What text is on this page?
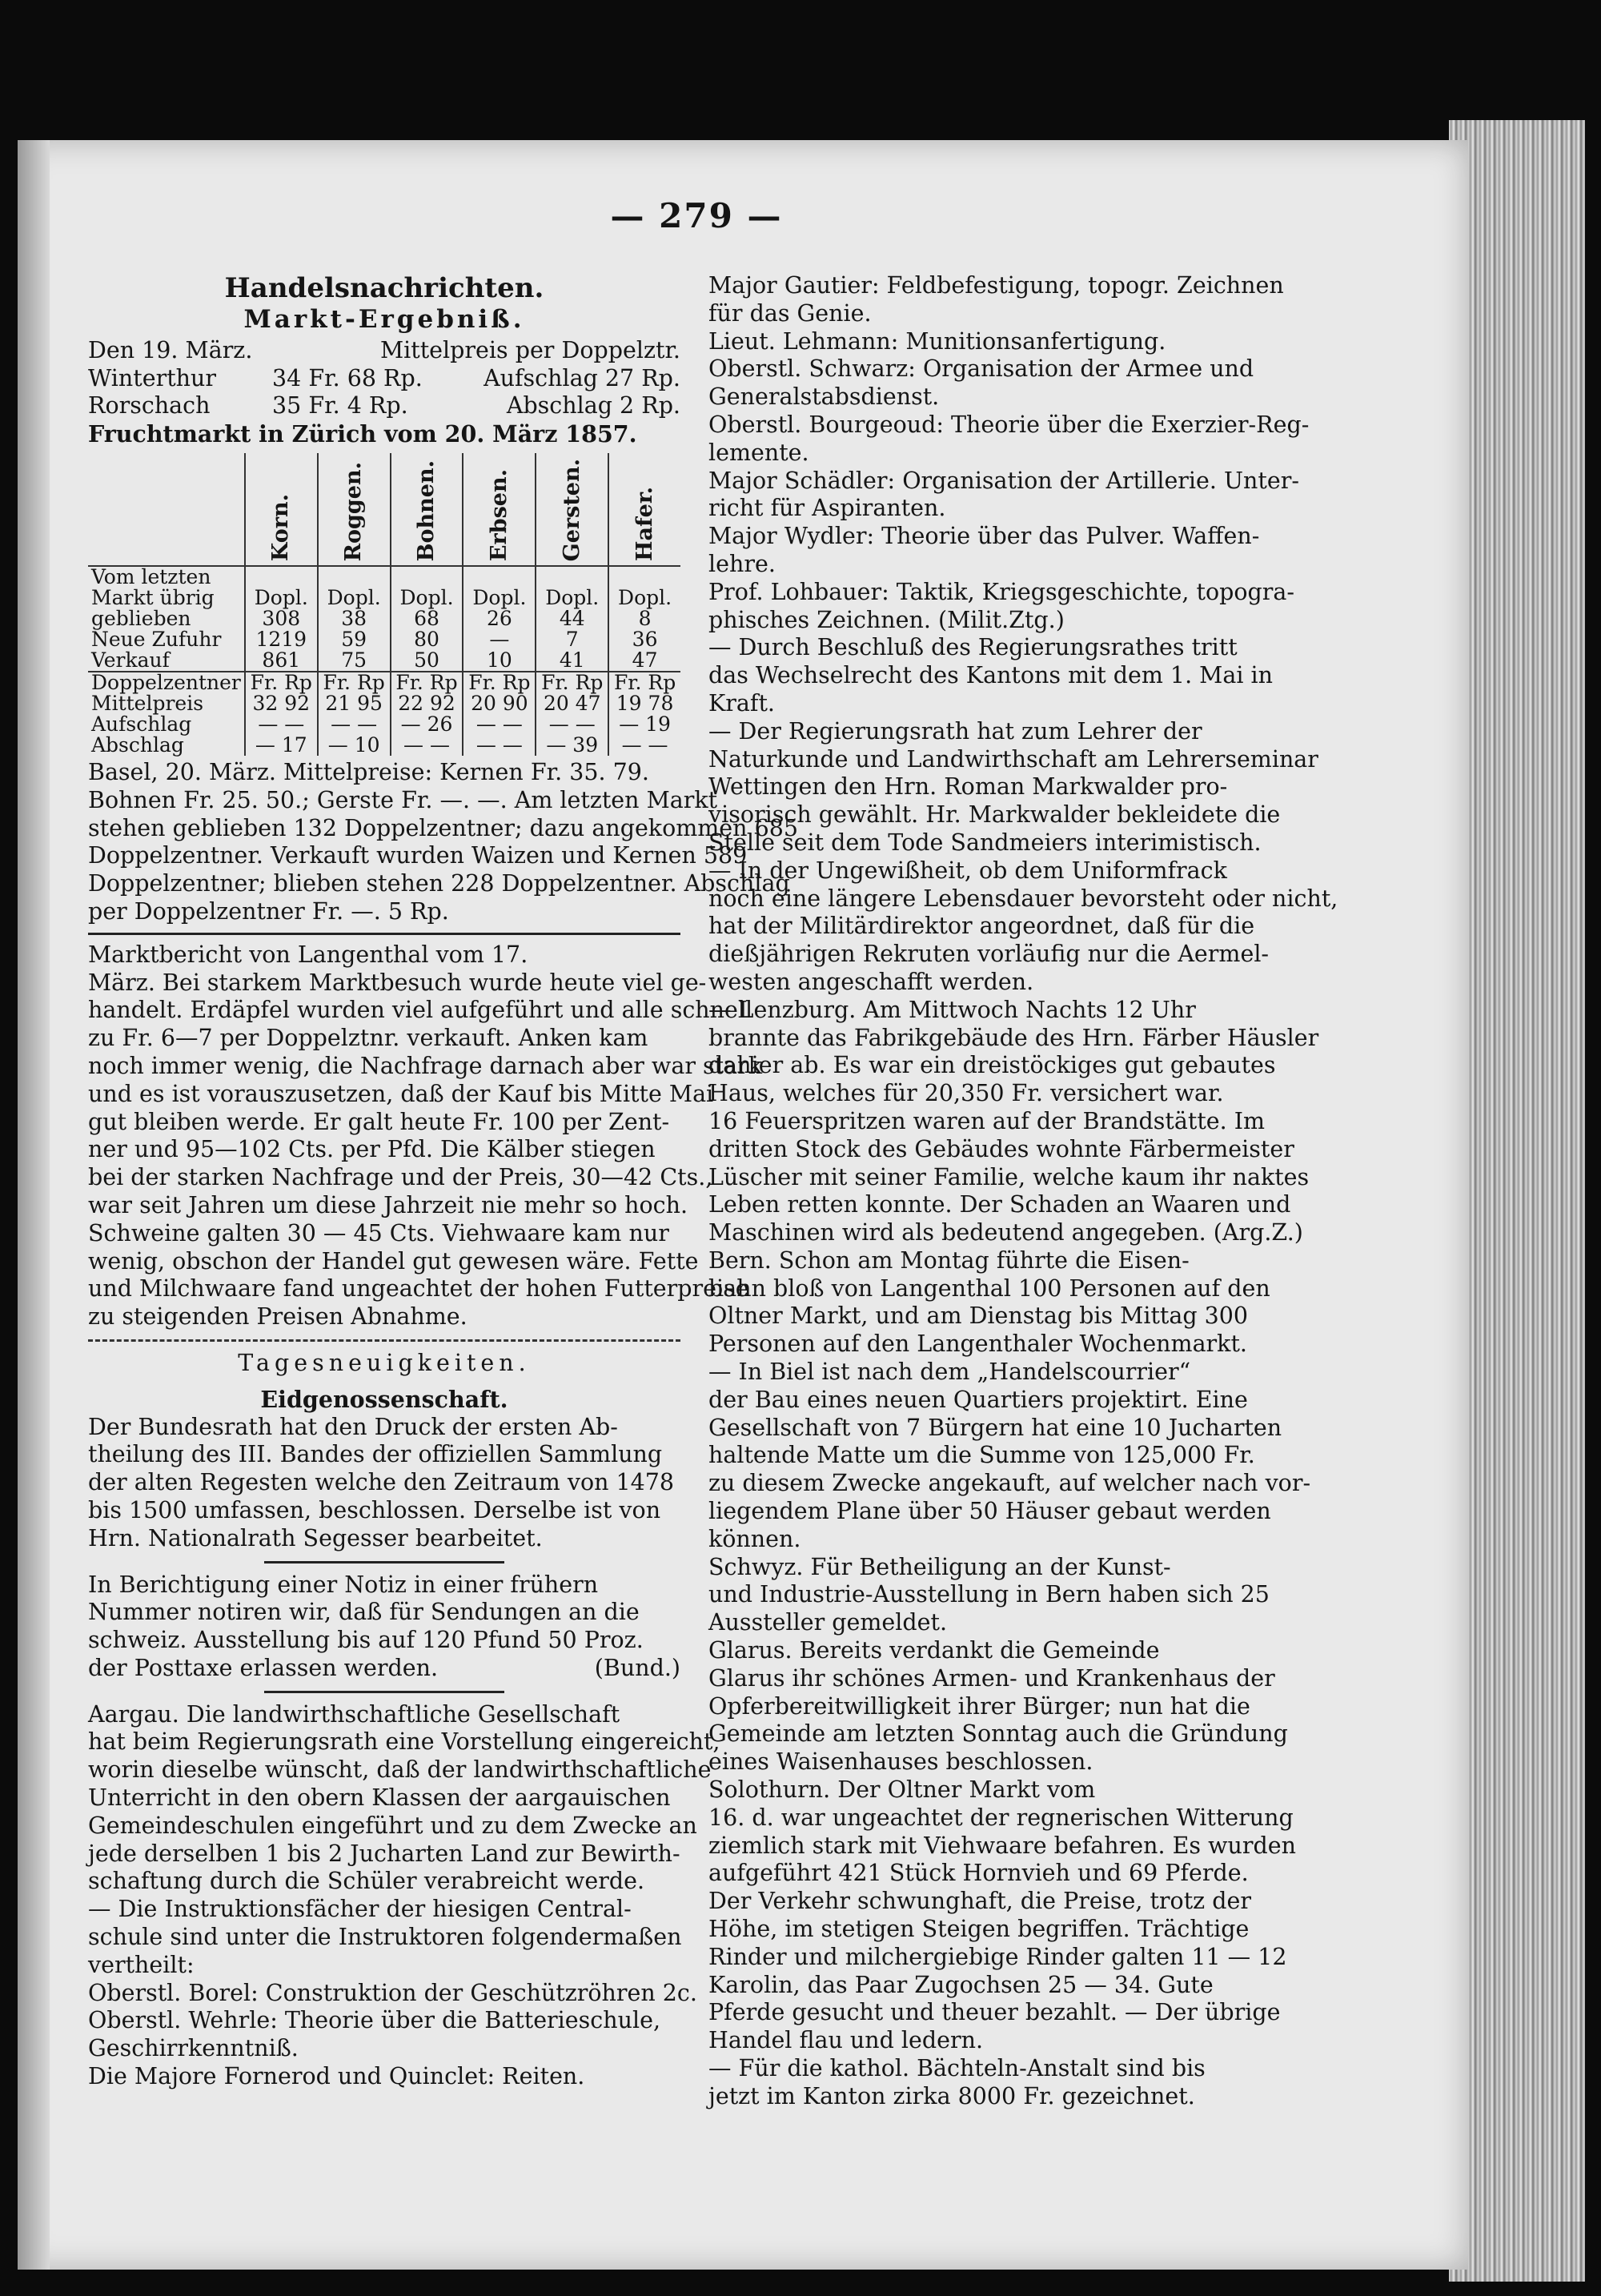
— 279 —
Handelsnachrichten.
Markt-Ergebniß.
Den 19. März.	Mittelpreis per Doppelztr.
Winterthur	34 Fr. 68 Rp.	Aufschlag 27 Rp.
Rorschach	35 Fr. 4 Rp.	Abschlag 2 Rp.
Fruchtmarkt in Zürich vom 20. März 1857.
	Korn.	Roggen.	Bohnen.	Erbsen.	Gersten.	Hafer.
Vom letzten						
Markt übrig	Dopl.	Dopl.	Dopl.	Dopl.	Dopl.	Dopl.
geblieben	308	38	68	26	44	8
Neue Zufuhr	1219	59	80	—	7	36
Verkauf	861	75	50	10	41	47
Doppelzentner	Fr. Rp	Fr. Rp	Fr. Rp	Fr. Rp	Fr. Rp	Fr. Rp
Mittelpreis	32 92	21 95	22 92	20 90	20 47	19 78
Aufschlag	— —	— —	— 26	— —	— —	— 19
Abschlag	— 17	— 10	— —	— —	— 39	— —
Basel, 20. März. Mittelpreise: Kernen Fr. 35. 79.
Bohnen Fr. 25. 50.; Gerste Fr. —. —. Am letzten Markt
stehen geblieben 132 Doppelzentner; dazu angekommen 685
Doppelzentner. Verkauft wurden Waizen und Kernen 589
Doppelzentner; blieben stehen 228 Doppelzentner. Abschlag
per Doppelzentner Fr. —. 5 Rp.
Marktbericht von Langenthal vom 17.
März. Bei starkem Marktbesuch wurde heute viel ge-
handelt. Erdäpfel wurden viel aufgeführt und alle schnell
zu Fr. 6—7 per Doppelztnr. verkauft. Anken kam
noch immer wenig, die Nachfrage darnach aber war stark
und es ist vorauszusetzen, daß der Kauf bis Mitte Mai
gut bleiben werde. Er galt heute Fr. 100 per Zent-
ner und 95—102 Cts. per Pfd. Die Kälber stiegen
bei der starken Nachfrage und der Preis, 30—42 Cts.,
war seit Jahren um diese Jahrzeit nie mehr so hoch.
Schweine galten 30 — 45 Cts. Viehwaare kam nur
wenig, obschon der Handel gut gewesen wäre. Fette
und Milchwaare fand ungeachtet der hohen Futterpreise
zu steigenden Preisen Abnahme.
Tagesneuigkeiten.
Eidgenossenschaft.
Der Bundesrath hat den Druck der ersten Ab-
theilung des III. Bandes der offiziellen Sammlung
der alten Regesten welche den Zeitraum von 1478
bis 1500 umfassen, beschlossen. Derselbe ist von
Hrn. Nationalrath Segesser bearbeitet.
In Berichtigung einer Notiz in einer frühern
Nummer notiren wir, daß für Sendungen an die
schweiz. Ausstellung bis auf 120 Pfund 50 Proz.
der Posttaxe erlassen werden.	(Bund.)
Aargau. Die landwirthschaftliche Gesellschaft
hat beim Regierungsrath eine Vorstellung eingereicht,
worin dieselbe wünscht, daß der landwirthschaftliche
Unterricht in den obern Klassen der aargauischen
Gemeindeschulen eingeführt und zu dem Zwecke an
jede derselben 1 bis 2 Jucharten Land zur Bewirth-
schaftung durch die Schüler verabreicht werde.
— Die Instruktionsfächer der hiesigen Central-
schule sind unter die Instruktoren folgendermaßen
vertheilt:
Oberstl. Borel: Construktion der Geschützröhren 2c.
Oberstl. Wehrle: Theorie über die Batterieschule,
Geschirrkenntniß.
Die Majore Fornerod und Quinclet: Reiten.
Major Gautier: Feldbefestigung, topogr. Zeichnen
für das Genie.
Lieut. Lehmann: Munitionsanfertigung.
Oberstl. Schwarz: Organisation der Armee und
Generalstabsdienst.
Oberstl. Bourgeoud: Theorie über die Exerzier-Reg-
lemente.
Major Schädler: Organisation der Artillerie. Unter-
richt für Aspiranten.
Major Wydler: Theorie über das Pulver. Waffen-
lehre.
Prof. Lohbauer: Taktik, Kriegsgeschichte, topogra-
phisches Zeichnen. (Milit.Ztg.)
— Durch Beschluß des Regierungsrathes tritt
das Wechselrecht des Kantons mit dem 1. Mai in
Kraft.
— Der Regierungsrath hat zum Lehrer der
Naturkunde und Landwirthschaft am Lehrerseminar
Wettingen den Hrn. Roman Markwalder pro-
visorisch gewählt. Hr. Markwalder bekleidete die
Stelle seit dem Tode Sandmeiers interimistisch.
— In der Ungewißheit, ob dem Uniformfrack
noch eine längere Lebensdauer bevorsteht oder nicht,
hat der Militärdirektor angeordnet, daß für die
dießjährigen Rekruten vorläufig nur die Aermel-
westen angeschafft werden.
— Lenzburg. Am Mittwoch Nachts 12 Uhr
brannte das Fabrikgebäude des Hrn. Färber Häusler
dahier ab. Es war ein dreistöckiges gut gebautes
Haus, welches für 20,350 Fr. versichert war.
16 Feuerspritzen waren auf der Brandstätte. Im
dritten Stock des Gebäudes wohnte Färbermeister
Lüscher mit seiner Familie, welche kaum ihr naktes
Leben retten konnte. Der Schaden an Waaren und
Maschinen wird als bedeutend angegeben. (Arg.Z.)
Bern. Schon am Montag führte die Eisen-
bahn bloß von Langenthal 100 Personen auf den
Oltner Markt, und am Dienstag bis Mittag 300
Personen auf den Langenthaler Wochenmarkt.
— In Biel ist nach dem „Handelscourrier“
der Bau eines neuen Quartiers projektirt. Eine
Gesellschaft von 7 Bürgern hat eine 10 Jucharten
haltende Matte um die Summe von 125,000 Fr.
zu diesem Zwecke angekauft, auf welcher nach vor-
liegendem Plane über 50 Häuser gebaut werden
können.
Schwyz. Für Betheiligung an der Kunst-
und Industrie-Ausstellung in Bern haben sich 25
Aussteller gemeldet.
Glarus. Bereits verdankt die Gemeinde
Glarus ihr schönes Armen- und Krankenhaus der
Opferbereitwilligkeit ihrer Bürger; nun hat die
Gemeinde am letzten Sonntag auch die Gründung
eines Waisenhauses beschlossen.
Solothurn. Der Oltner Markt vom
16. d. war ungeachtet der regnerischen Witterung
ziemlich stark mit Viehwaare befahren. Es wurden
aufgeführt 421 Stück Hornvieh und 69 Pferde.
Der Verkehr schwunghaft, die Preise, trotz der
Höhe, im stetigen Steigen begriffen. Trächtige
Rinder und milchergiebige Rinder galten 11 — 12
Karolin, das Paar Zugochsen 25 — 34. Gute
Pferde gesucht und theuer bezahlt. — Der übrige
Handel flau und ledern.
— Für die kathol. Bächteln-Anstalt sind bis
jetzt im Kanton zirka 8000 Fr. gezeichnet.
